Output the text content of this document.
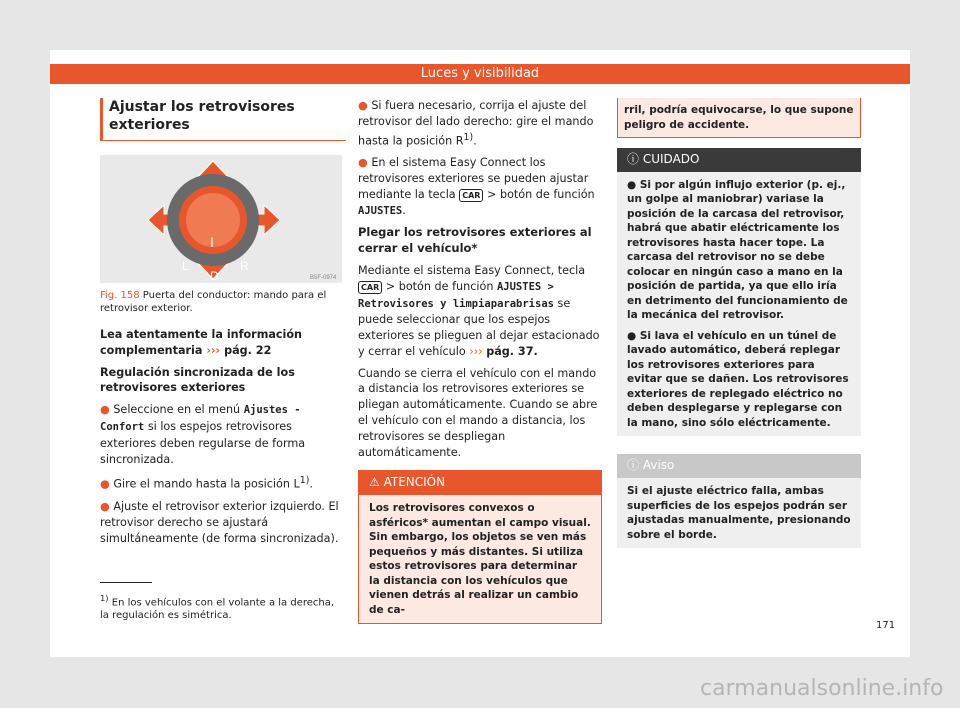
Luces y visibilidad
Ajustar los retrovisores exteriores
I
L
D
R
B5F-0974
Fig. 158 Puerta del conductor: mando para el retrovisor exterior.

Lea atentamente la información complementaria ››› pág. 22

Regulación sincronizada de los retrovisores exteriores

● Seleccione en el menú Ajustes - Confort si los espejos retrovisores exteriores deben regularse de forma sincronizada.

● Gire el mando hasta la posición $L^{1)}$.

● Ajuste el retrovisor exterior izquierdo. El retrovisor derecho se ajustará simultáneamente (de forma sincronizada).

● Si fuera necesario, corrija el ajuste del retrovisor del lado derecho: gire el mando hasta la posición $R^{1)}$.

● En el sistema Easy Connect los retrovisores exteriores se pueden ajustar mediante la tecla CAR > botón de función AJUSTES.

Plegar los retrovisores exteriores al cerrar el vehículo*

Mediante el sistema Easy Connect, tecla CAR > botón de función AJUSTES > Retrovisores y limpiaparabrisas se puede seleccionar que los espejos exteriores se plieguen al dejar estacionado y cerrar el vehículo ››› pág. 37.

Cuando se cierra el vehículo con el mando a distancia los retrovisores exteriores se pliegan automáticamente. Cuando se abre el vehículo con el mando a distancia, los retrovisores se despliegan automáticamente.

⚠ ATENCIÓN
Los retrovisores convexos o asféricos* aumentan el campo visual. Sin embargo, los objetos se ven más pequeños y más distantes. Si utiliza estos retrovisores para determinar la distancia con los vehículos que vienen detrás al realizar un cambio de ca-
rril, podría equivocarse, lo que supone peligro de accidente.
ⓘ CUIDADO

● Si por algún influjo exterior (p. ej., un golpe al maniobrar) variase la posición de la carcasa del retrovisor, habrá que abatir eléctricamente los retrovisores hasta hacer tope. La carcasa del retrovisor no se debe colocar en ningún caso a mano en la posición de partida, ya que ello iría en detrimento del funcionamiento de la mecánica del retrovisor.

● Si lava el vehículo en un túnel de lavado automático, deberá replegar los retrovisores exteriores para evitar que se dañen. Los retrovisores exteriores de replegado eléctrico no deben desplegarse y replegarse con la mano, sino sólo eléctricamente.

ⓘ Aviso
Si el ajuste eléctrico falla, ambas superficies de los espejos podrán ser ajustadas manualmente, presionando sobre el borde.
$^{1)}$ En los vehículos con el volante a la derecha, la regulación es simétrica.
171
carmanualsonline.info
